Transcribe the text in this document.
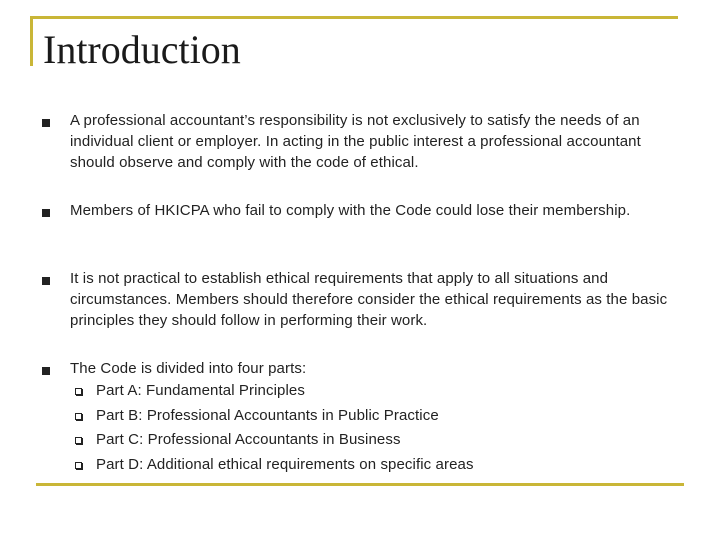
Introduction
A professional accountant’s responsibility is not exclusively to satisfy the needs of an individual client or employer. In acting in the public interest a professional accountant should observe and comply with the code of ethical.
Members of HKICPA who fail to comply with the Code could lose their membership.
It is not practical to establish ethical requirements that apply to all situations and circumstances. Members should therefore consider the ethical requirements as the basic principles they should follow in performing their work.
The Code is divided into four parts:
Part A: Fundamental Principles
Part B: Professional Accountants in Public Practice
Part C: Professional Accountants in Business
Part D: Additional ethical requirements on specific areas
